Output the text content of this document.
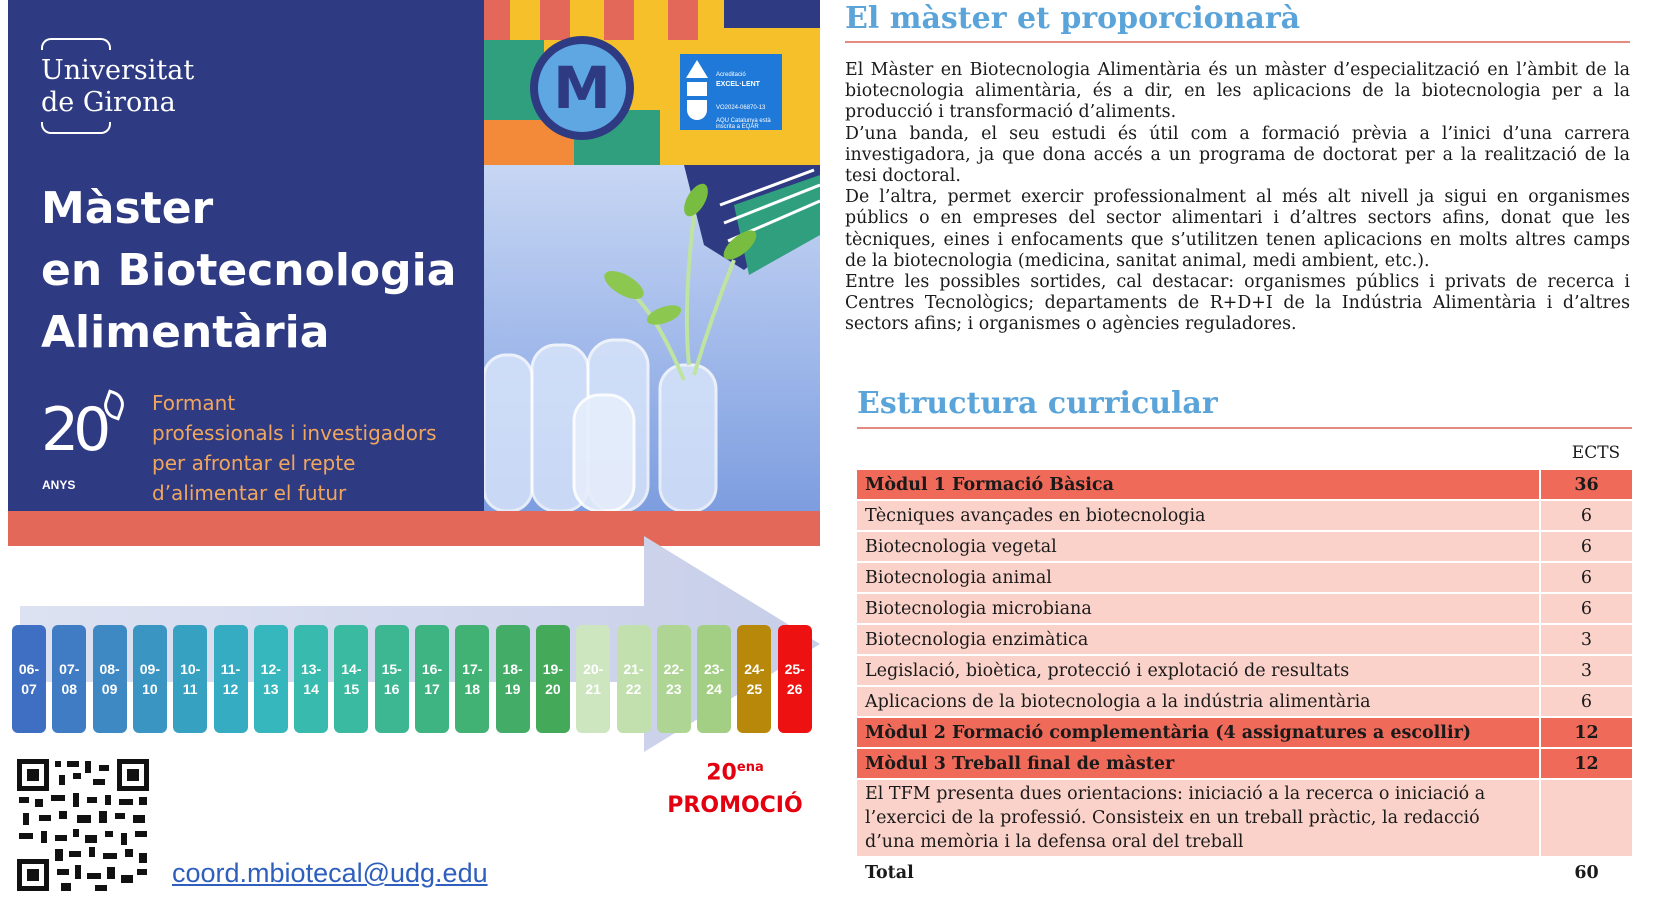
Universitat
de Girona
Màster
en Biotecnologia
Alimentària
20
ANYS
Formant
professionals i investigadors
per afrontar el repte
d’alimentar el futur
M	Acreditació
EXCEL·LENT
VO2024-06870-13
AQU Catalunya està inscrita a EQAR
06-
07
07-
08
08-
09
09-
10
10-
11
11-
12
12-
13
13-
14
14-
15
15-
16
16-
17
17-
18
18-
19
19-
20
20-
21
21-
22
22-
23
23-
24
24-
25
25-
26
$20^{ena}$
PROMOCIÓ
coord.mbiotecal@udg.edu
El màster et proporcionarà

El Màster en Biotecnologia Alimentària és un màster d’especialització en l’àmbit de la biotecnologia alimentària, és a dir, en les aplicacions de la biotecnologia per a la producció i transformació d’aliments.

D’una banda, el seu estudi és útil com a formació prèvia a l’inici d’una carrera investigadora, ja que dona accés a un programa de doctorat per a la realització de la tesi doctoral.

De l’altra, permet exercir professionalment al més alt nivell ja sigui en organismes públics o en empreses del sector alimentari i d’altres sectors afins, donat que les tècniques, eines i enfocaments que s’utilitzen tenen aplicacions en molts altres camps de la biotecnologia (medicina, sanitat animal, medi ambient, etc.).

Entre les possibles sortides, cal destacar: organismes públics i privats de recerca i Centres Tecnològics; departaments de R+D+I de la Indústria Alimentària i d’altres sectors afins; i organismes o agències reguladores.

Estructura curricular
ECTS
Mòdul 1 Formació Bàsica	36
Tècniques avançades en biotecnologia	6
Biotecnologia vegetal	6
Biotecnologia animal	6
Biotecnologia microbiana	6
Biotecnologia enzimàtica	3
Legislació, bioètica, protecció i explotació de resultats	3
Aplicacions de la biotecnologia a la indústria alimentària	6
Mòdul 2 Formació complementària (4 assignatures a escollir)	12
Mòdul 3 Treball final de màster	12
El TFM presenta dues orientacions: iniciació a la recerca o iniciació a l’exercici de la professió. Consisteix en un treball pràctic, la redacció d’una memòria i la defensa oral del treball	
Total	60
